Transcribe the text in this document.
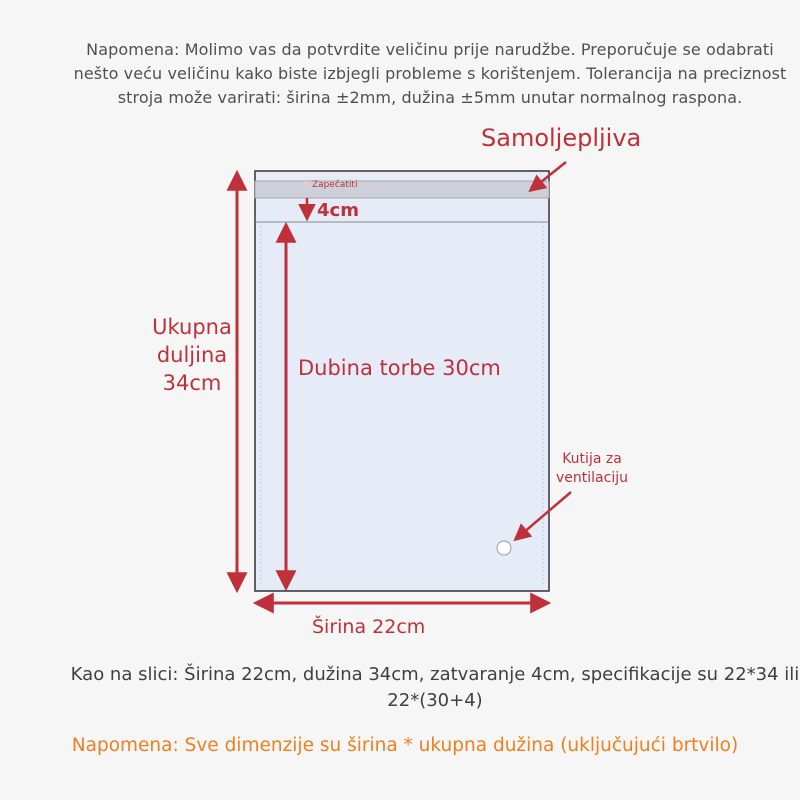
Napomena: Molimo vas da potvrdite veličinu prije narudžbe. Preporučuje se odabrati nešto veću veličinu kako biste izbjegli probleme s korištenjem. Tolerancija na preciznost stroja može varirati: širina ±2mm, dužina ±5mm unutar normalnog raspona.
Samoljepljiva
Zapečatiti
4cm
Ukupna duljina 34cm
Dubina torbe 30cm
Kutija za ventilaciju
Širina 22cm
Kao na slici: Širina 22cm, dužina 34cm, zatvaranje 4cm, specifikacije su 22*34 ili 22*(30+4)
Napomena: Sve dimenzije su širina * ukupna dužina (uključujući brtvilo)
